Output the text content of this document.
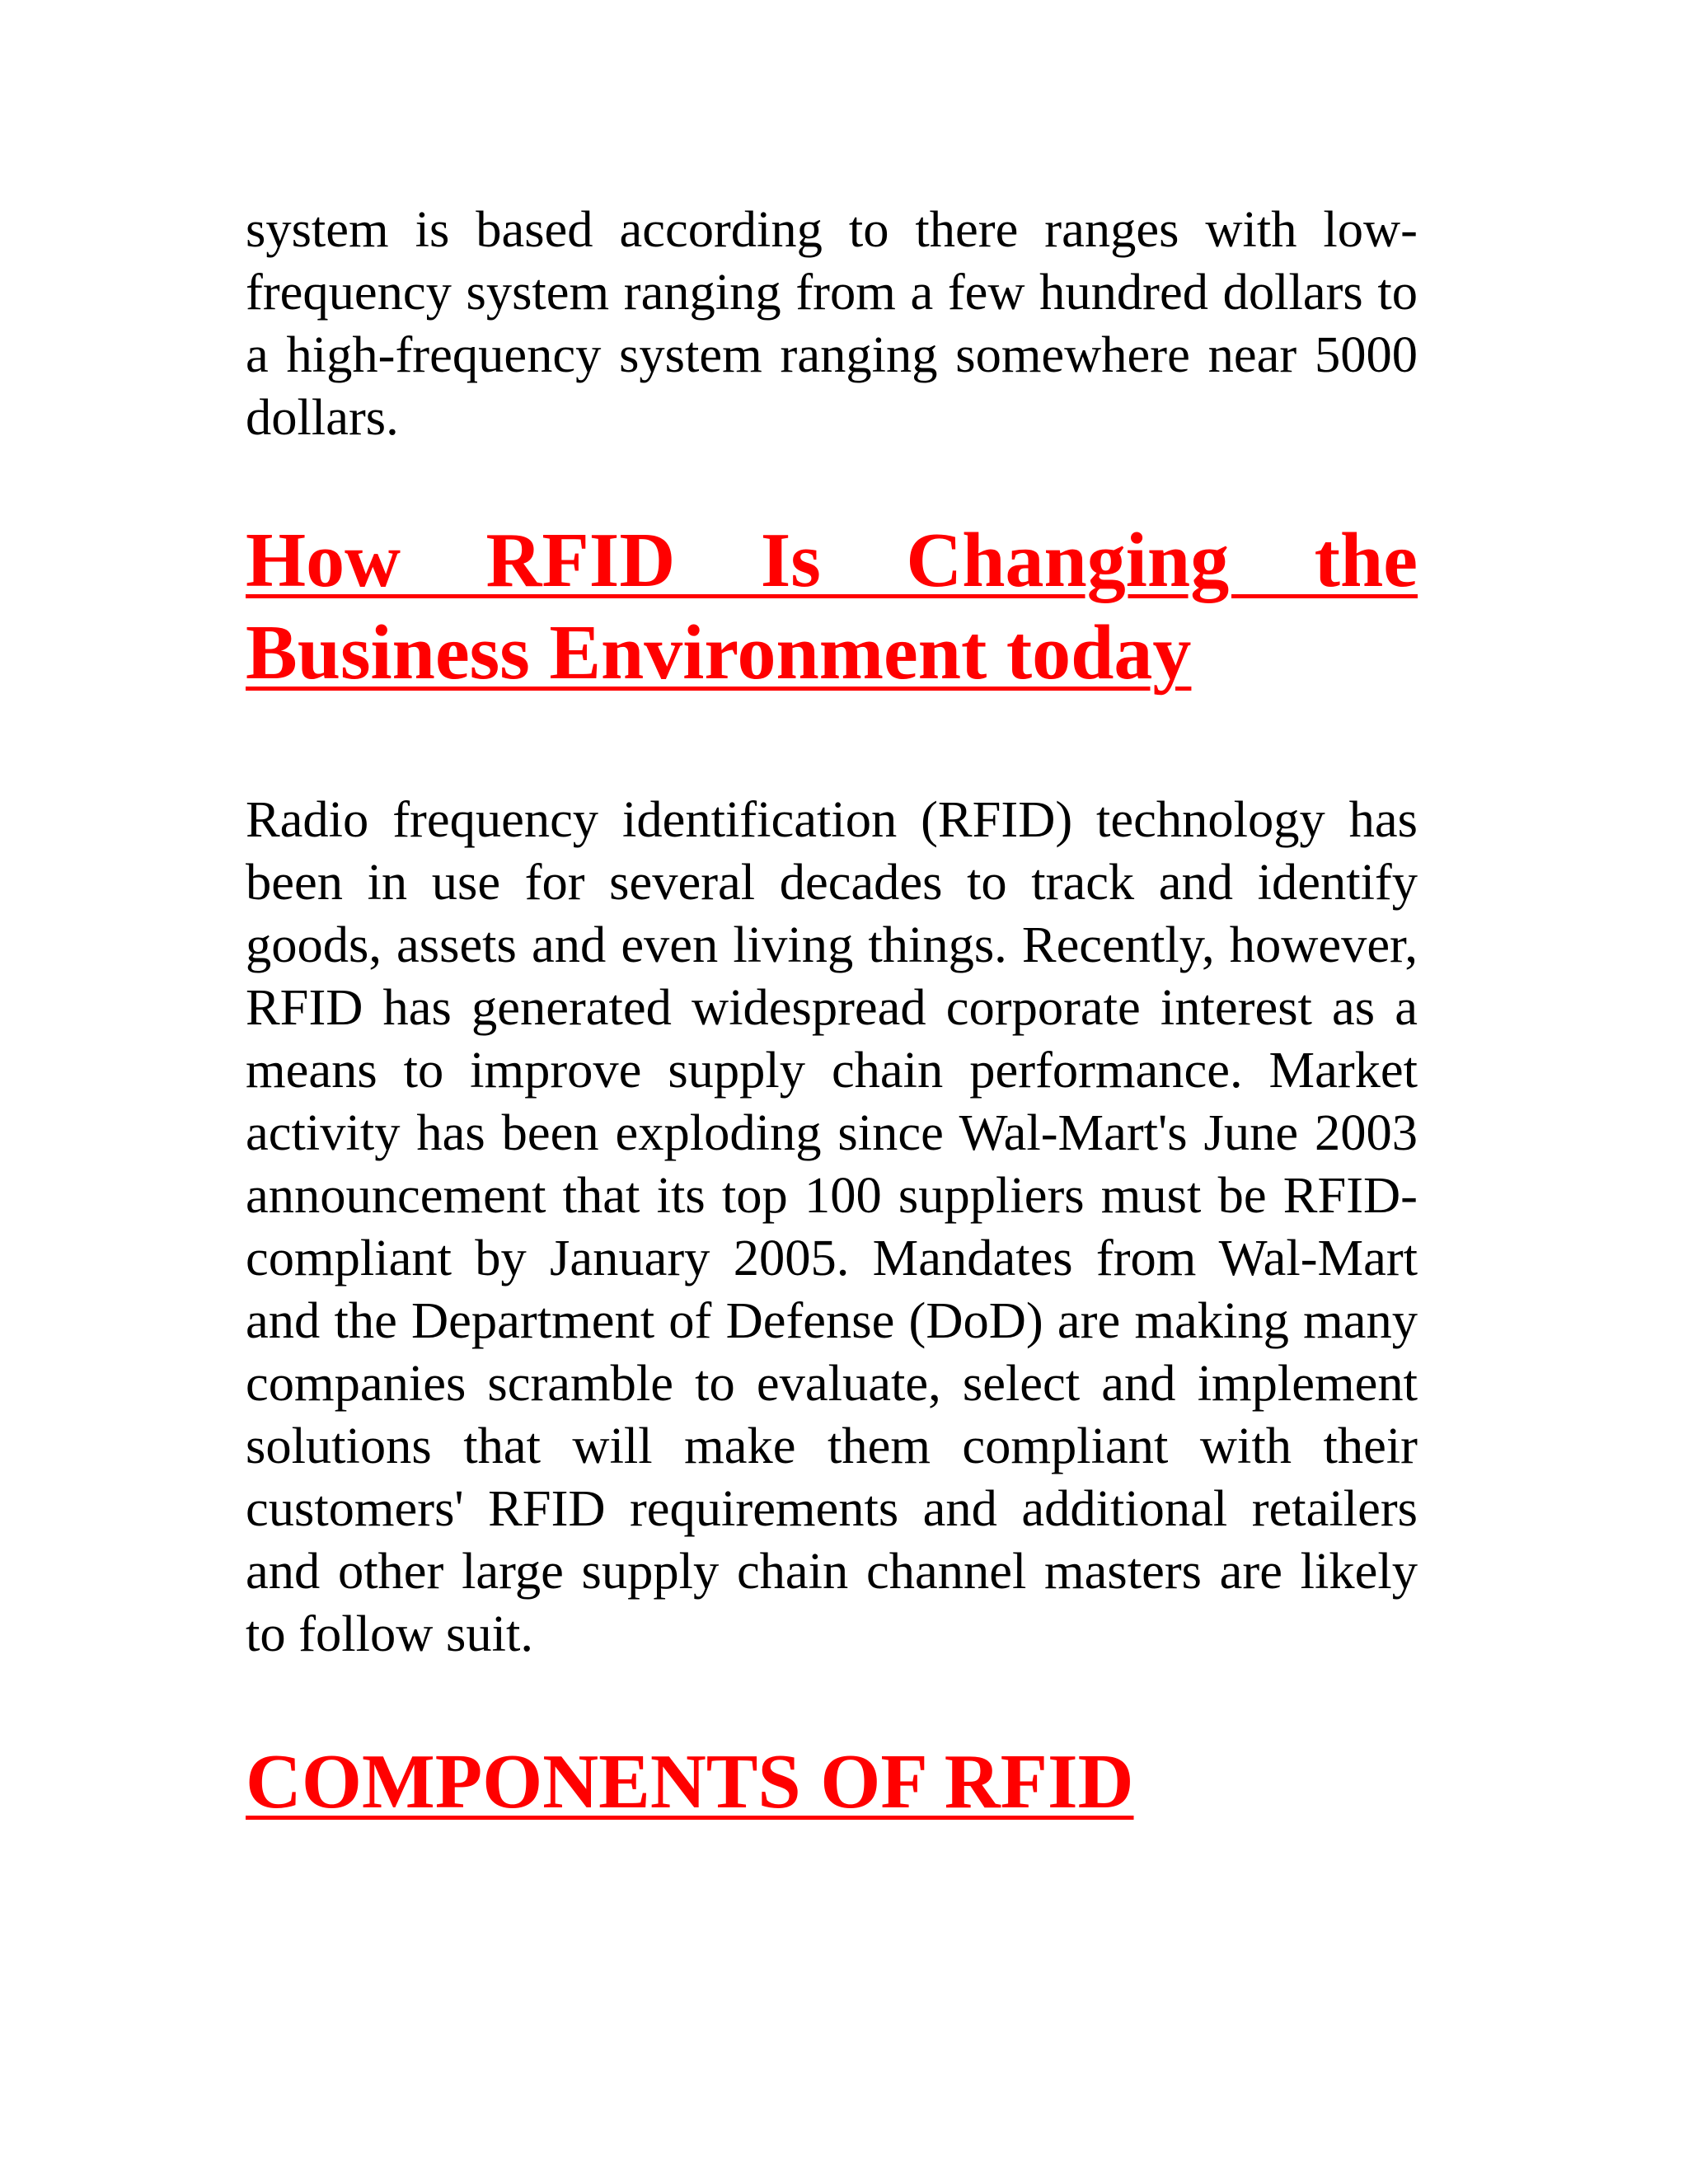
system is based according to there ranges with low-frequency system ranging from a few hundred dollars to a high-frequency system ranging somewhere near 5000 dollars.

How RFID Is Changing the Business Environment today

Radio frequency identification (RFID) technology has been in use for several decades to track and identify goods, assets and even living things. Recently, however, RFID has generated widespread corporate interest as a means to improve supply chain performance. Market activity has been exploding since Wal-Mart's June 2003 announcement that its top 100 suppliers must be RFID-compliant by January 2005. Mandates from Wal-Mart and the Department of Defense (DoD) are making many companies scramble to evaluate, select and implement solutions that will make them compliant with their customers' RFID requirements and additional retailers and other large supply chain channel masters are likely to follow suit.

COMPONENTS OF RFID
